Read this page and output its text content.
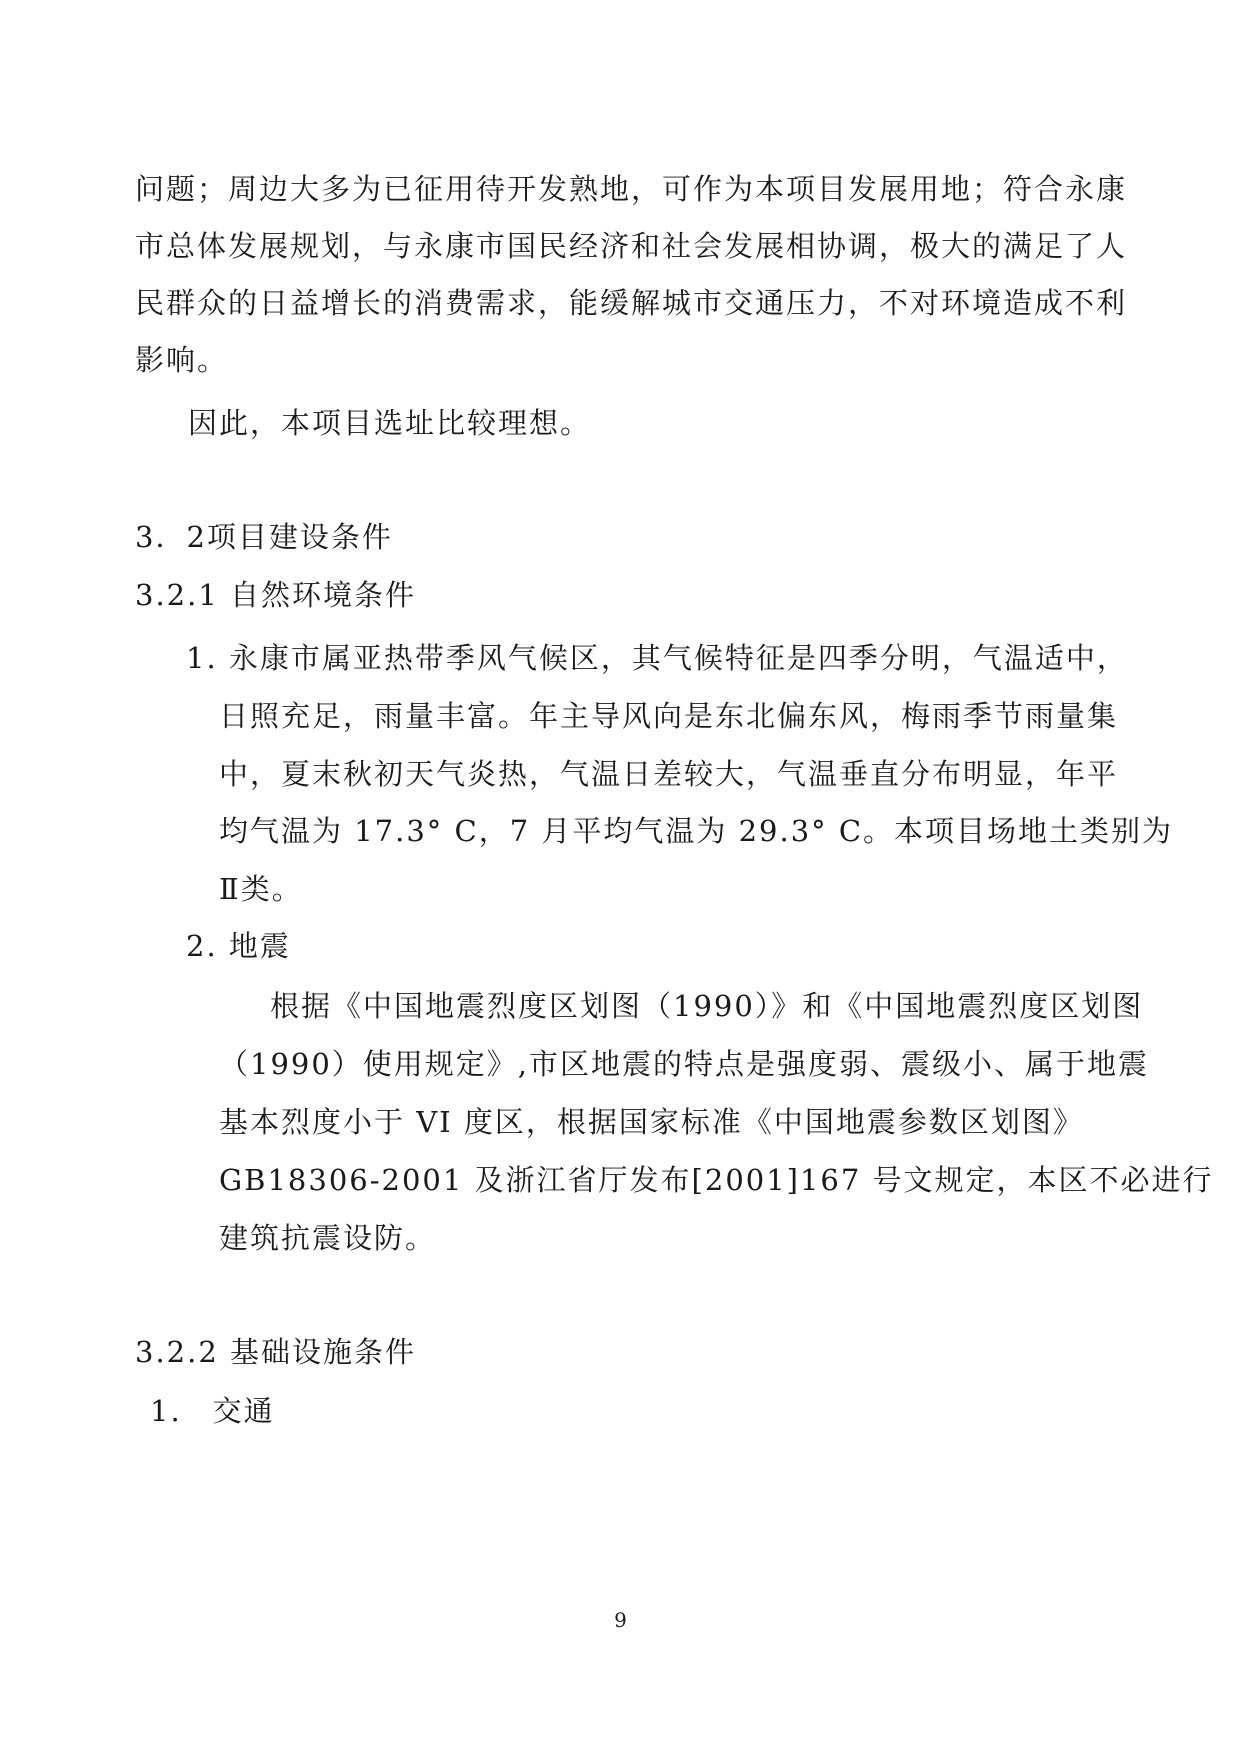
问题；周边大多为已征用待开发熟地，可作为本项目发展用地；符合永康
市总体发展规划，与永康市国民经济和社会发展相协调，极大的满足了人
民群众的日益增长的消费需求，能缓解城市交通压力，不对环境造成不利
影响。
因此，本项目选址比较理想。
3．2项目建设条件
3.2.1 自然环境条件
1. 永康市属亚热带季风气候区，其气候特征是四季分明，气温适中，
日照充足，雨量丰富。年主导风向是东北偏东风，梅雨季节雨量集
中，夏末秋初天气炎热，气温日差较大，气温垂直分布明显，年平
均气温为 17.3° C，7 月平均气温为 29.3° C。本项目场地土类别为
Ⅱ类。
2. 地震
根据《中国地震烈度区划图（1990）》和《中国地震烈度区划图
（1990）使用规定》,市区地震的特点是强度弱、震级小、属于地震
基本烈度小于 VI 度区，根据国家标准《中国地震参数区划图》
GB18306-2001 及浙江省厅发布[2001]167 号文规定，本区不必进行
建筑抗震设防。
3.2.2 基础设施条件
1.　交通
9
